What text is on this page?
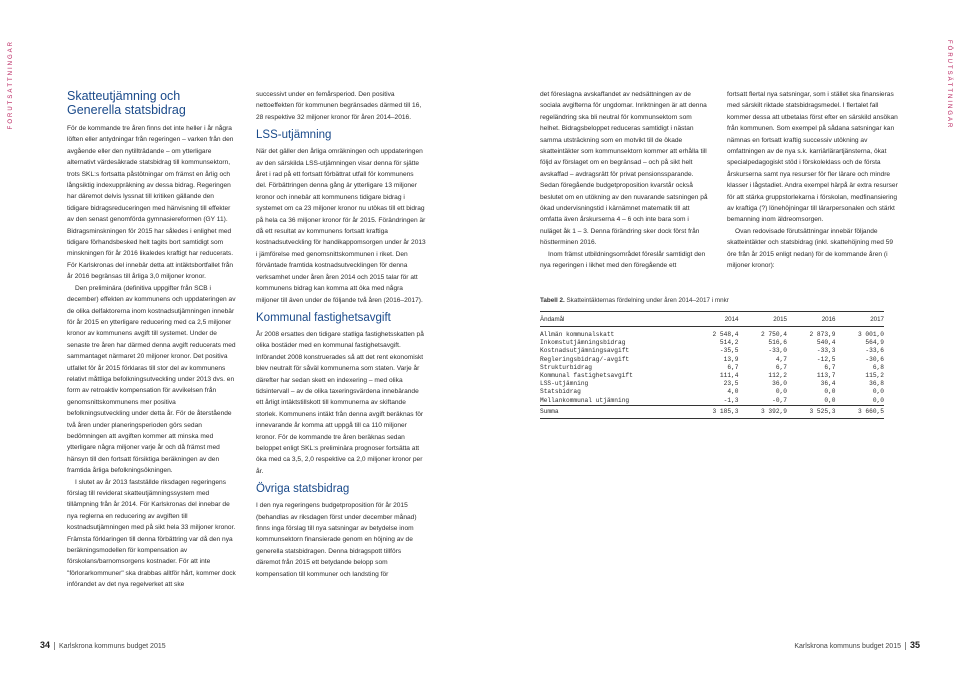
FÖRUTSÄTTNINGAR	Skatteutjämning och Generella statsbidrag

För de kommande tre åren finns det inte heller i år några löften eller antydningar från regeringen – varken från den avgående eller den nytillträdande – om ytterligare alternativt värdesäkrade statsbidrag till kommunsektorn, trots SKL:s fortsatta påstötningar om främst en årlig och långsiktig indexuppräkning av dessa bidrag. Regeringen har däremot delvis lyssnat till kritiken gällande den tidigare bidragsreduceringen med hänvisning till effekter av den senast genomförda gymnasiereformen (GY 11). Bidragsminskningen för 2015 har således i enlighet med tidigare förhandsbesked helt tagits bort samtidigt som minskningen för år 2016 likaledes kraftigt har reducerats. För Karlskronas del innebär detta att intäktsbortfallet från år 2016 begränsas till årliga 3,0 miljoner kronor.

Den preliminära (definitiva uppgifter från SCB i december) effekten av kommunens och uppdateringen av de olika delfaktorerna inom kostnadsutjämningen innebär för år 2015 en ytterligare reducering med ca 2,5 miljoner kronor av kommunens avgift till systemet. Under de senaste tre åren har därmed denna avgift reducerats med sammantaget närmaret 20 miljoner kronor. Det positiva utfallet för år 2015 förklaras till stor del av kommunens relativt måttliga befolkningsutveckling under 2013 dvs. en form av retroaktiv kompensation för avvikelsen från genomsnittskommunens mer positiva befolkningsutveckling under detta år. För de återstående två åren under planeringsperioden görs sedan bedömningen att avgiften kommer att minska med ytterligare några miljoner varje år och då främst med hänsyn till den fortsatt försiktiga beräkningen av den framtida årliga befolkningsökningen.

I slutet av år 2013 fastställde riksdagen regeringens förslag till reviderat skatteutjämningssystem med tillämpning från år 2014. För Karlskronas del innebar de nya reglerna en reducering av avgiften till kostnadsutjämningen med på sikt hela 33 miljoner kronor. Främsta förklaringen till denna förbättring var då den nya beräkningsmodellen för kompensation av förskolans/barnomsorgens kostnader. För att inte "förlorarkommuner" ska drabbas alltför hårt, kommer dock införandet av det nya regelverket att ske

successivt under en femårsperiod. Den positiva nettoeffekten för kommunen begränsades därmed till 16, 28 respektive 32 miljoner kronor för åren 2014–2016.

LSS-utjämning

När det gäller den årliga omräkningen och uppdateringen av den särskilda LSS-utjämningen visar denna för sjätte året i rad på ett fortsatt förbättrat utfall för kommunens del. Förbättringen denna gång är ytterligare 13 miljoner kronor och innebär att kommunens tidigare bidrag i systemet om ca 23 miljoner kronor nu utökas till ett bidrag på hela ca 36 miljoner kronor för år 2015. Förändringen är då ett resultat av kommunens fortsatt kraftiga kostnadsutveckling för handikappomsorgen under år 2013 i jämförelse med genomsnittskommunen i riket. Den förväntade framtida kostnadsutvecklingen för denna verksamhet under åren åren 2014 och 2015 talar för att kommunens bidrag kan komma att öka med några miljoner till även under de följande två åren (2016–2017).

Kommunal fastighetsavgift

År 2008 ersattes den tidigare statliga fastighetsskatten på olika bostäder med en kommunal fastighetsavgift. Införandet 2008 konstruerades så att det rent ekonomiskt blev neutralt för såväl kommunerna som staten. Varje år därefter har sedan skett en indexering – med olika tidsintervall – av de olika taxeringsvärdena innebärande ett årligt intäktstillskott till kommunerna av skiftande storlek. Kommunens intäkt från denna avgift beräknas för innevarande år komma att uppgå till ca 110 miljoner kronor. För de kommande tre åren beräknas sedan beloppet enligt SKL:s preliminära prognoser fortsätta att öka med ca 3,5, 2,0 respektive ca 2,0 miljoner kronor per år.

Övriga statsbidrag

I den nya regeringens budgetproposition för år 2015 (behandlas av riksdagen först under december månad) finns inga förslag till nya satsningar av betydelse inom kommunsektorn finansierade genom en höjning av de generella statsbidragen. Denna bidragspott tillförs däremot från 2015 ett betydande belopp som kompensation till kommuner och landsting för

34 Karlskrona kommuns budget 2015
FÖRUTSÄTTNINGAR

det föreslagna avskaffandet av nedsättningen av de sociala avgifterna för ungdomar. Inriktningen är att denna regeländring ska bli neutral för kommunsektorn som helhet. Bidragsbeloppet reduceras samtidigt i nästan samma utsträckning som en motvikt till de ökade skatteintäkter som kommunsektorn kommer att erhålla till följd av förslaget om en begränsad – och på sikt helt avskaffad – avdragsrätt för privat pensionssparande. Sedan föregående budgetproposition kvarstår också beslutet om en utökning av den nuvarande satsningen på ökad undervisningstid i kärnämnet matematik till att omfatta även årskurserna 4 – 6 och inte bara som i nuläget åk 1 – 3. Denna förändring sker dock först från höstterminen 2016.

Inom främst utbildningsområdet föreslår samtidigt den nya regeringen i likhet med den föregående ett

fortsatt flertal nya satsningar, som i stället ska finansieras med särskilt riktade statsbidragsmedel. I flertalet fall kommer dessa att utbetalas först efter en särskild ansökan från kommunen. Som exempel på sådana satsningar kan nämnas en fortsatt kraftig successiv utökning av omfattningen av de nya s.k. karriärlärartjänsterna, ökat specialpedagogiskt stöd i förskoleklass och de första årskurserna samt nya resurser för fler lärare och mindre klasser i lågstadiet. Andra exempel härpå är extra resurser för att stärka gruppstorlekarna i förskolan, medfinansiering av kraftiga (?) lönehöjningar till lärarpersonalen och stärkt bemanning inom äldreomsorgen.

Ovan redovisade förutsättningar innebär följande skatteintäkter och statsbidrag (inkl. skattehöjning med 59 öre från år 2015 enligt nedan) för de kommande åren (i miljoner kronor):

Karlskrona kommuns budget 2015 35
Tabell 2. Skatteintäkternas fördelning under åren 2014–2017 i mnkr
Ändamål	2014	2015	2016	2017
Allmän kommunalskatt	2 548,4	2 750,4	2 873,9	3 001,0
Inkomstutjämningsbidrag	514,2	516,6	540,4	564,9
Kostnadsutjämningsavgift	-35,5	-33,0	-33,3	-33,6
Regleringsbidrag/-avgift	13,9	4,7	-12,5	-30,6
Strukturbidrag	6,7	6,7	6,7	6,8
Kommunal fastighetsavgift	111,4	112,2	113,7	115,2
LSS-utjämning	23,5	36,0	36,4	36,8
Statsbidrag	4,0	0,0	0,0	0,0
Mellankommunal utjämning	-1,3	-0,7	0,0	0,0
Summa	3 185,3	3 392,9	3 525,3	3 660,5
